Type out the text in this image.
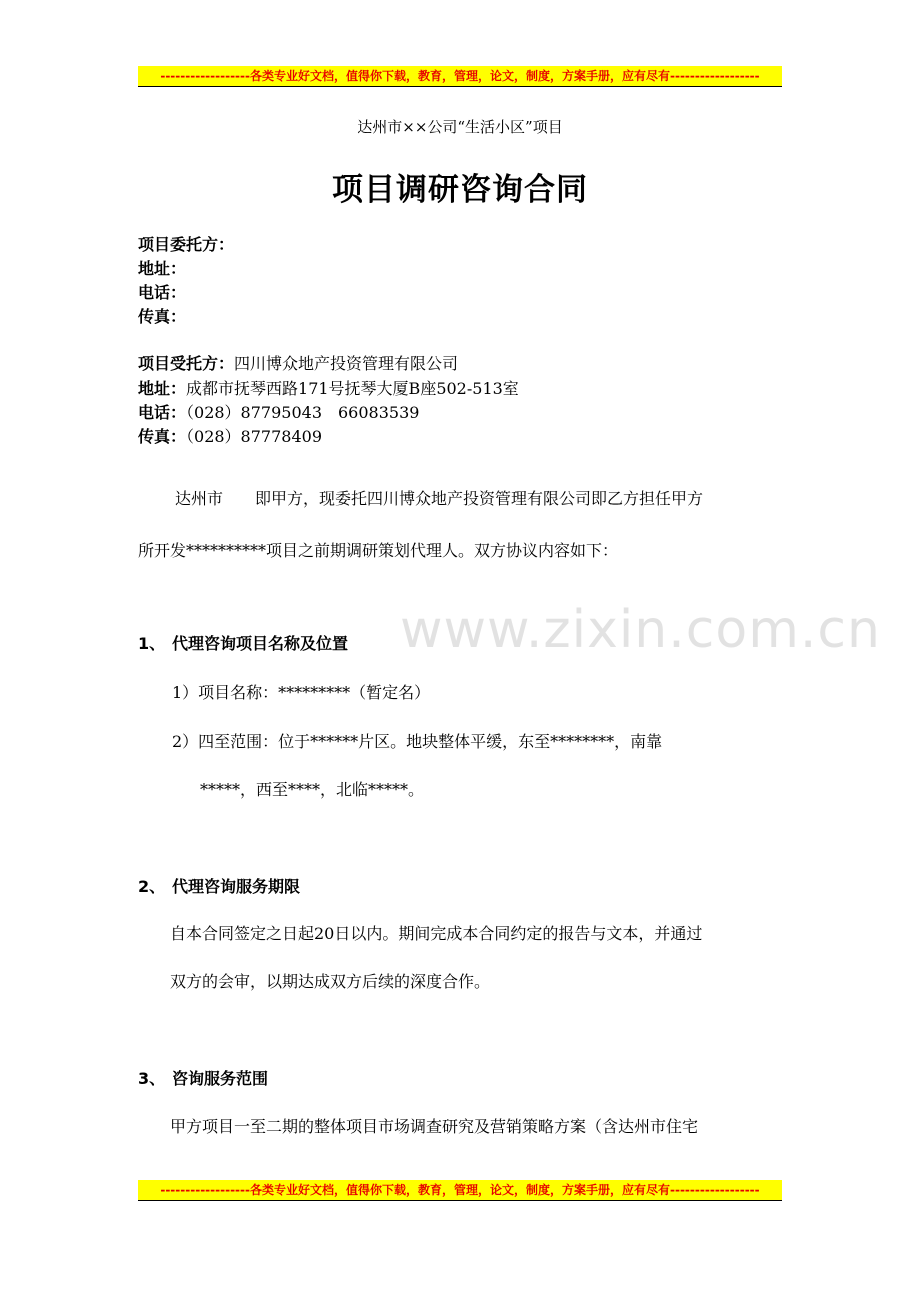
------------------各类专业好文档，值得你下载，教育，管理，论文，制度，方案手册，应有尽有------------------
www.zixin.com.cn
达州市××公司“生活小区”项目
项目调研咨询合同
项目委托方：
地址：
电话：
传真：
项目受托方：四川博众地产投资管理有限公司
地址：成都市抚琴西路171号抚琴大厦B座502-513室
电话：（028）87795043　66083539
传真：（028）87778409
达州市　　即甲方，现委托四川博众地产投资管理有限公司即乙方担任甲方
所开发**********项目之前期调研策划代理人。双方协议内容如下：
1、 代理咨询项目名称及位置
1）项目名称：*********（暂定名）
2）四至范围：位于******片区。地块整体平缓，东至********，南靠
*****，西至****，北临*****。
2、 代理咨询服务期限
自本合同签定之日起20日以内。期间完成本合同约定的报告与文本，并通过
双方的会审，以期达成双方后续的深度合作。
3、 咨询服务范围
甲方项目一至二期的整体项目市场调查研究及营销策略方案（含达州市住宅
------------------各类专业好文档，值得你下载，教育，管理，论文，制度，方案手册，应有尽有------------------
